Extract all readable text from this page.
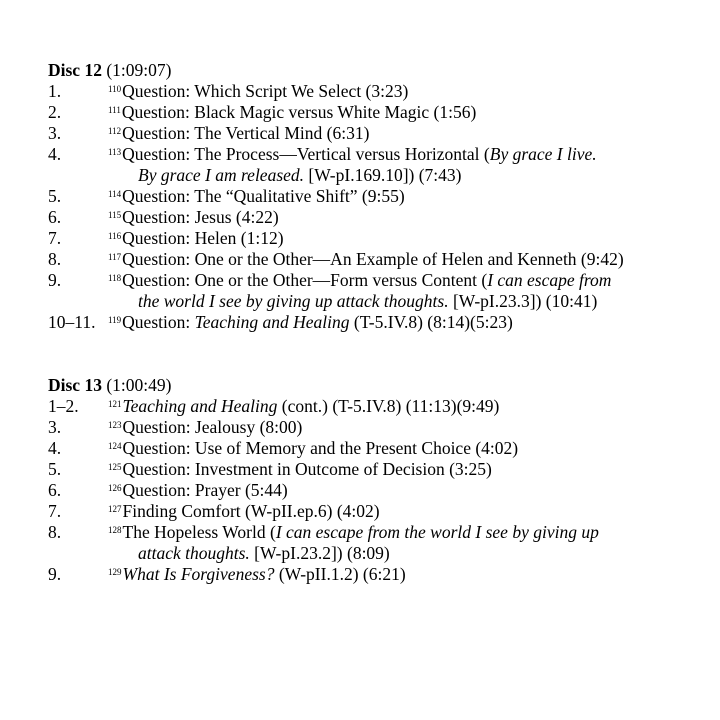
Disc 12 (1:09:07)
1.	$^{110}$Question: Which Script We Select (3:23)
2.	$^{111}$Question: Black Magic versus White Magic (1:56)
3.	$^{112}$Question: The Vertical Mind (6:31)
4.	$^{113}$Question: The Process—Vertical versus Horizontal (By grace I live.
By grace I am released. [W-pI.169.10]) (7:43)
5.	$^{114}$Question: The “Qualitative Shift” (9:55)
6.	$^{115}$Question: Jesus (4:22)
7.	$^{116}$Question: Helen (1:12)
8.	$^{117}$Question: One or the Other—An Example of Helen and Kenneth (9:42)
9.	$^{118}$Question: One or the Other—Form versus Content (I can escape from
the world I see by giving up attack thoughts. [W-pI.23.3]) (10:41)
10–11. $^{119}$Question: Teaching and Healing (T-5.IV.8) (8:14)(5:23)
Disc 13 (1:00:49)
1–2.	$^{121}$Teaching and Healing (cont.) (T-5.IV.8) (11:13)(9:49)
3.	$^{123}$Question: Jealousy (8:00)
4.	$^{124}$Question: Use of Memory and the Present Choice (4:02)
5.	$^{125}$Question: Investment in Outcome of Decision (3:25)
6.	$^{126}$Question: Prayer (5:44)
7.	$^{127}$Finding Comfort (W-pII.ep.6) (4:02)
8.	$^{128}$The Hopeless World (I can escape from the world I see by giving up
attack thoughts. [W-pI.23.2]) (8:09)
9.	$^{129}$What Is Forgiveness? (W-pII.1.2) (6:21)
